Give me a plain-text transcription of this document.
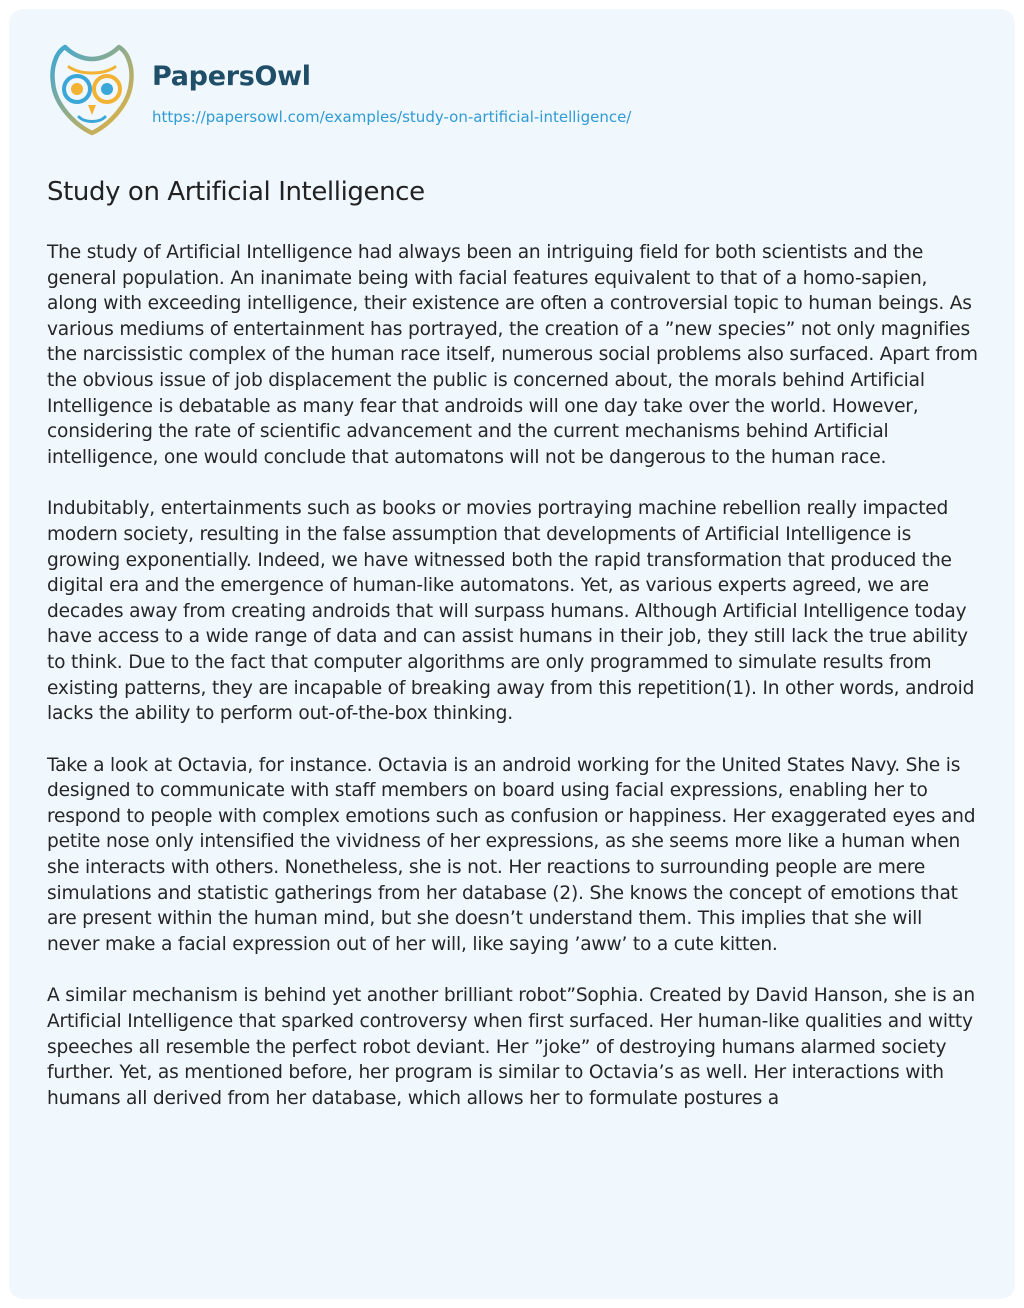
PapersOwl
https://papersowl.com/examples/study-on-artificial-intelligence/
Study on Artificial Intelligence

The study of Artificial Intelligence had always been an intriguing field for both scientists and the general population. An inanimate being with facial features equivalent to that of a homo-sapien, along with exceeding intelligence, their existence are often a controversial topic to human beings. As various mediums of entertainment has portrayed, the creation of a ”new species” not only magnifies the narcissistic complex of the human race itself, numerous social problems also surfaced. Apart from the obvious issue of job displacement the public is concerned about, the morals behind Artificial Intelligence is debatable as many fear that androids will one day take over the world. However, considering the rate of scientific advancement and the current mechanisms behind Artificial intelligence, one would conclude that automatons will not be dangerous to the human race.

Indubitably, entertainments such as books or movies portraying machine rebellion really impacted modern society, resulting in the false assumption that developments of Artificial Intelligence is growing exponentially. Indeed, we have witnessed both the rapid transformation that produced the digital era and the emergence of human-like automatons. Yet, as various experts agreed, we are decades away from creating androids that will surpass humans. Although Artificial Intelligence today have access to a wide range of data and can assist humans in their job, they still lack the true ability to think. Due to the fact that computer algorithms are only programmed to simulate results from existing patterns, they are incapable of breaking away from this repetition(1). In other words, android lacks the ability to perform out-of-the-box thinking.

Take a look at Octavia, for instance. Octavia is an android working for the United States Navy. She is designed to communicate with staff members on board using facial expressions, enabling her to respond to people with complex emotions such as confusion or happiness. Her exaggerated eyes and petite nose only intensified the vividness of her expressions, as she seems more like a human when she interacts with others. Nonetheless, she is not. Her reactions to surrounding people are mere simulations and statistic gatherings from her database (2). She knows the concept of emotions that are present within the human mind, but she doesn’t understand them. This implies that she will never make a facial expression out of her will, like saying ’aww’ to a cute kitten.

A similar mechanism is behind yet another brilliant robot”Sophia. Created by David Hanson, she is an Artificial Intelligence that sparked controversy when first surfaced. Her human-like qualities and witty speeches all resemble the perfect robot deviant. Her ”joke” of destroying humans alarmed society further. Yet, as mentioned before, her program is similar to Octavia’s as well. Her interactions with humans all derived from her database, which allows her to formulate postures a
